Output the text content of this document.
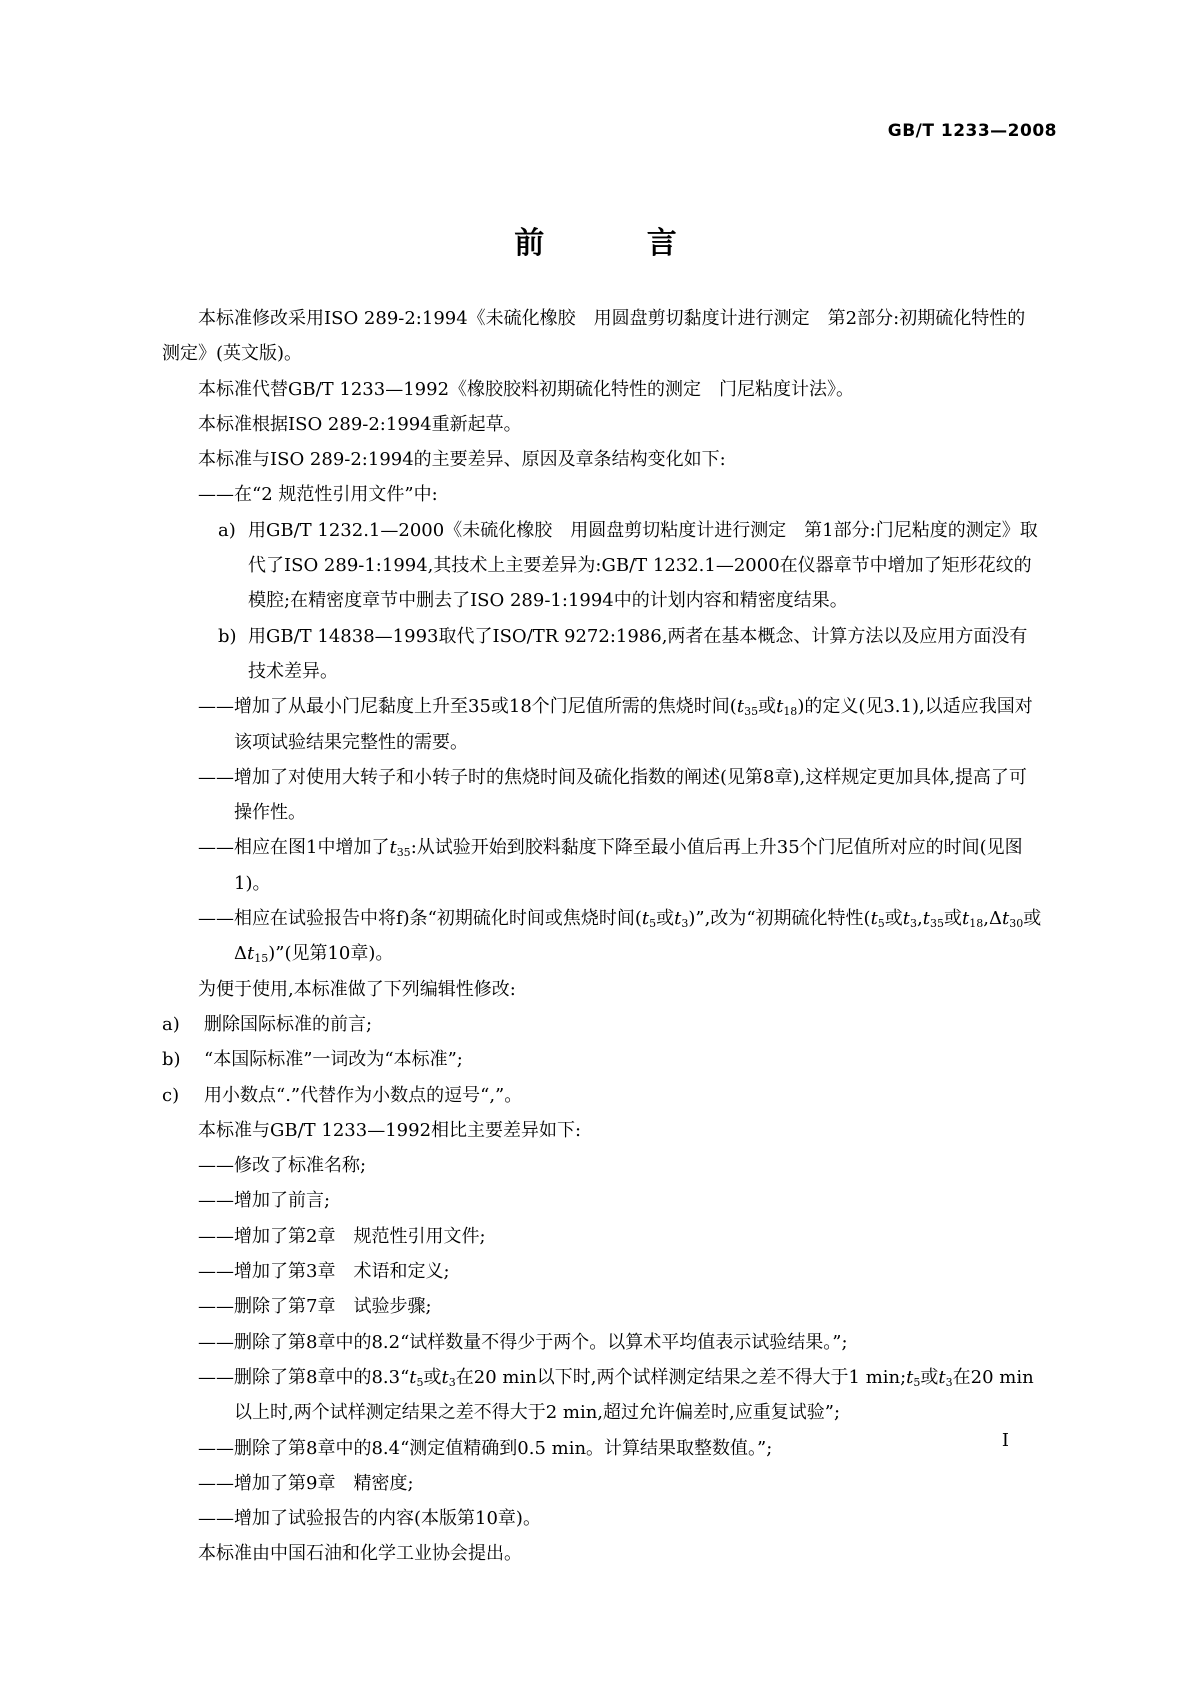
GB/T 1233—2008
前 言

本标准修改采用ISO 289-2:1994《未硫化橡胶　用圆盘剪切黏度计进行测定　第2部分:初期硫化特性的测定》(英文版)。

本标准代替GB/T 1233—1992《橡胶胶料初期硫化特性的测定　门尼粘度计法》。

本标准根据ISO 289-2:1994重新起草。

本标准与ISO 289-2:1994的主要差异、原因及章条结构变化如下:

——在“2 规范性引用文件”中:

a) 用GB/T 1232.1—2000《未硫化橡胶　用圆盘剪切粘度计进行测定　第1部分:门尼粘度的测定》取代了ISO 289-1:1994,其技术上主要差异为:GB/T 1232.1—2000在仪器章节中增加了矩形花纹的模腔;在精密度章节中删去了ISO 289-1:1994中的计划内容和精密度结果。

b) 用GB/T 14838—1993取代了ISO/TR 9272:1986,两者在基本概念、计算方法以及应用方面没有技术差异。

——增加了从最小门尼黏度上升至35或18个门尼值所需的焦烧时间($t_{35}$或$t_{18}$)的定义(见3.1),以适应我国对该项试验结果完整性的需要。

——增加了对使用大转子和小转子时的焦烧时间及硫化指数的阐述(见第8章),这样规定更加具体,提高了可操作性。

——相应在图1中增加了$t_{35}$:从试验开始到胶料黏度下降至最小值后再上升35个门尼值所对应的时间(见图1)。

——相应在试验报告中将f)条“初期硫化时间或焦烧时间($t_5$或$t_3$)”,改为“初期硫化特性($t_5$或$t_3,t_{35}$或$t_{18},\Delta t_{30}$或$\Delta t_{15}$)”(见第10章)。

为便于使用,本标准做了下列编辑性修改:

a) 删除国际标准的前言;

b) “本国际标准”一词改为“本标准”;

c) 用小数点“.”代替作为小数点的逗号“,”。

本标准与GB/T 1233—1992相比主要差异如下:

——修改了标准名称;

——增加了前言;

——增加了第2章　规范性引用文件;

——增加了第3章　术语和定义;

——删除了第7章　试验步骤;

——删除了第8章中的8.2“试样数量不得少于两个。以算术平均值表示试验结果。”;

——删除了第8章中的$8.3“t_5$或$t_3$在20 min以下时,两个试样测定结果之差不得大于1 $\min;t_5$或$t_3$在20 min以上时,两个试样测定结果之差不得大于2 min,超过允许偏差时,应重复试验”;

——删除了第8章中的8.4“测定值精确到0.5 min。计算结果取整数值。”;

——增加了第9章　精密度;

——增加了试验报告的内容(本版第10章)。

本标准由中国石油和化学工业协会提出。

I
